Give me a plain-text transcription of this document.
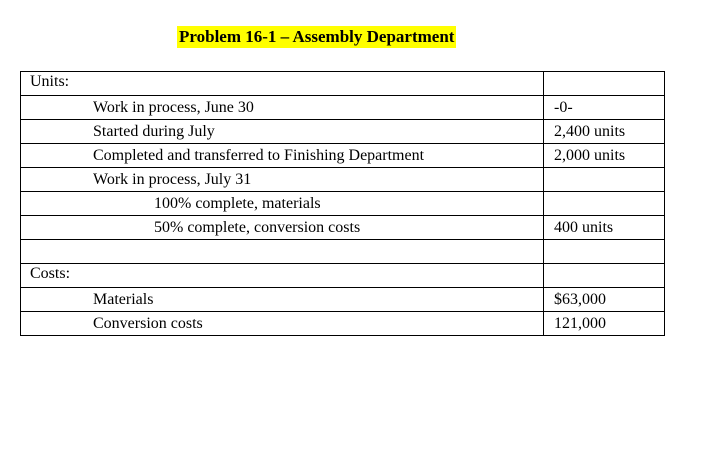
Problem 16-1 – Assembly Department
Units:	
Work in process, June 30	-0-
Started during July	2,400 units
Completed and transferred to Finishing Department	2,000 units
Work in process, July 31	
100% complete, materials	
50% complete, conversion costs	400 units

Costs:	
Materials	$63,000
Conversion costs	121,000
